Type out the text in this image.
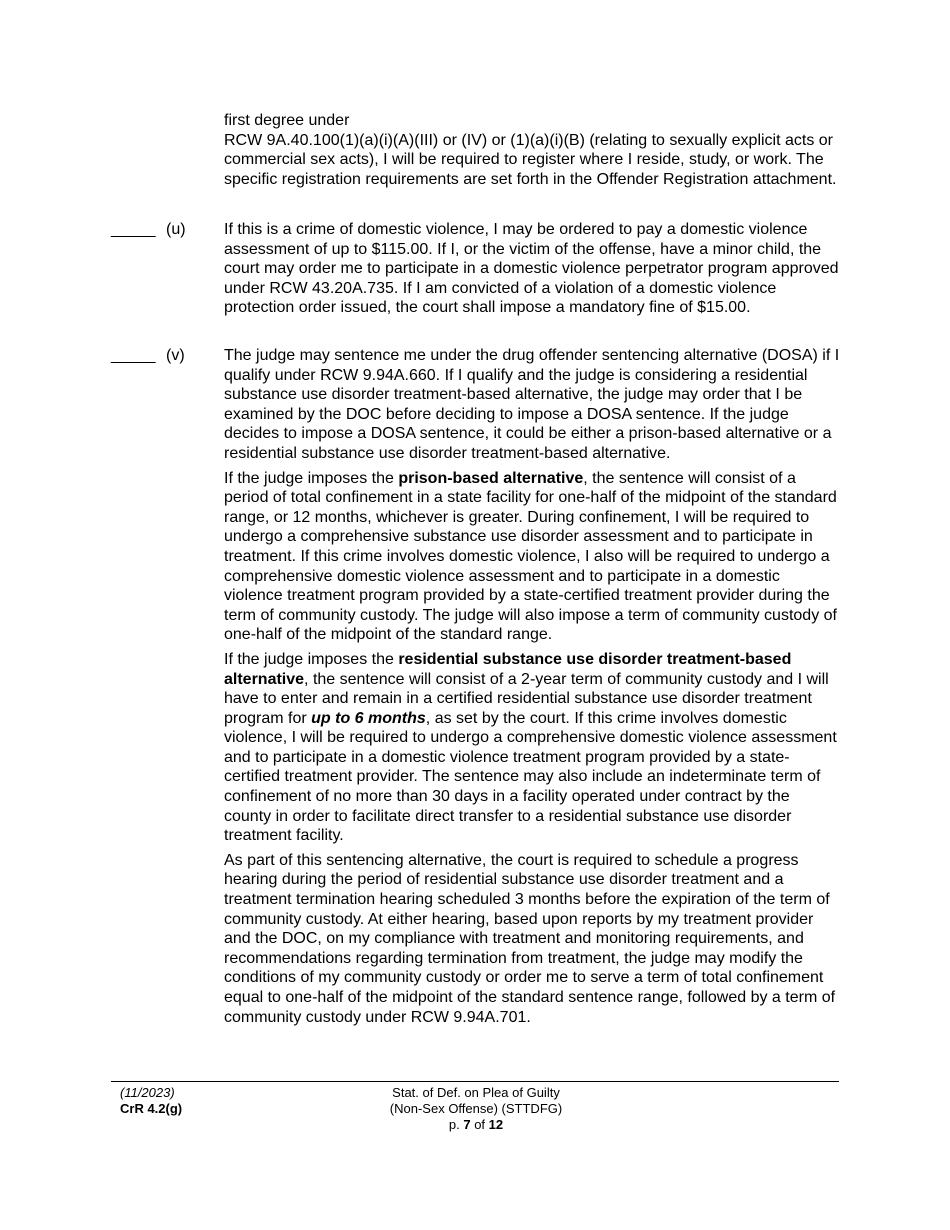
first degree under

RCW 9A.40.100(1)(a)(i)(A)(III) or (IV) or (1)(a)(i)(B) (relating to sexually explicit acts or commercial sex acts), I will be required to register where I reside, study, or work. The specific registration requirements are set forth in the Offender Registration attachment.

_____ (u) If this is a crime of domestic violence, I may be ordered to pay a domestic violence assessment of up to $115.00. If I, or the victim of the offense, have a minor child, the court may order me to participate in a domestic violence perpetrator program approved under RCW 43.20A.735. If I am convicted of a violation of a domestic violence protection order issued, the court shall impose a mandatory fine of $15.00.

_____ (v) The judge may sentence me under the drug offender sentencing alternative (DOSA) if I qualify under RCW 9.94A.660. If I qualify and the judge is considering a residential substance use disorder treatment-based alternative, the judge may order that I be examined by the DOC before deciding to impose a DOSA sentence. If the judge decides to impose a DOSA sentence, it could be either a prison-based alternative or a residential substance use disorder treatment-based alternative.

If the judge imposes the prison-based alternative, the sentence will consist of a period of total confinement in a state facility for one-half of the midpoint of the standard range, or 12 months, whichever is greater. During confinement, I will be required to undergo a comprehensive substance use disorder assessment and to participate in treatment. If this crime involves domestic violence, I also will be required to undergo a comprehensive domestic violence assessment and to participate in a domestic violence treatment program provided by a state-certified treatment provider during the term of community custody. The judge will also impose a term of community custody of one-half of the midpoint of the standard range.

If the judge imposes the residential substance use disorder treatment-based alternative, the sentence will consist of a 2-year term of community custody and I will have to enter and remain in a certified residential substance use disorder treatment program for up to 6 months, as set by the court. If this crime involves domestic violence, I will be required to undergo a comprehensive domestic violence assessment and to participate in a domestic violence treatment program provided by a state-certified treatment provider. The sentence may also include an indeterminate term of confinement of no more than 30 days in a facility operated under contract by the county in order to facilitate direct transfer to a residential substance use disorder treatment facility.

As part of this sentencing alternative, the court is required to schedule a progress hearing during the period of residential substance use disorder treatment and a treatment termination hearing scheduled 3 months before the expiration of the term of community custody. At either hearing, based upon reports by my treatment provider and the DOC, on my compliance with treatment and monitoring requirements, and recommendations regarding termination from treatment, the judge may modify the conditions of my community custody or order me to serve a term of total confinement equal to one-half of the midpoint of the standard sentence range, followed by a term of community custody under RCW 9.94A.701.

(11/2023)
CrR 4.2(g)
Stat. of Def. on Plea of Guilty
(Non-Sex Offense) (STTDFG)
p. 7 of 12
